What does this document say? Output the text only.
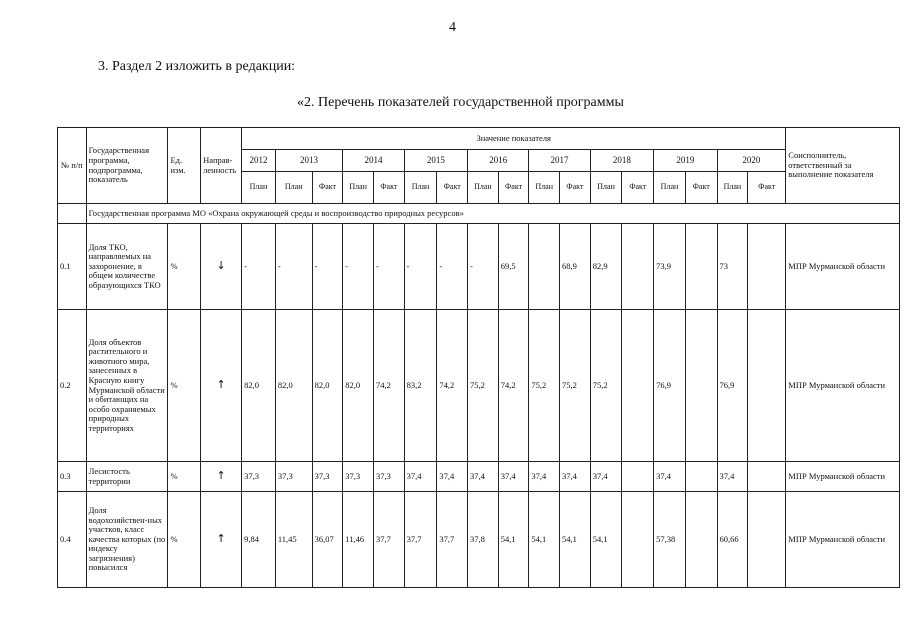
4
3. Раздел 2 изложить в редакции:
«2. Перечень показателей государственной программы
№ п/п	Государственная программа, подпрограмма, показатель	Ед. изм.	Направ-ленность	Значение показателя																	Соисполнитель, ответственный за выполнение показателя
				2012	2013		2014		2015		2016		2017		2018		2019		2020		
				План	План	Факт	План	Факт	План	Факт	План	Факт	План	Факт	План	Факт	План	Факт	План	Факт	
	Государственная программа МО «Охрана окружающей среды и воспроизводство природных ресурсов»																				
0.1	Доля ТКО, направляемых на захоронение, в общем количестве образующихся ТКО	%	↓	-	-	-	-	-	-	-	-	69,5		68,9	82,9		73,9		73		МПР Мурманской области
0.2	Доля объектов растительного и животного мира, занесенных в Красную книгу Мурманской области и обитающих на особо охраняемых природных территориях	%	↑	82,0	82,0	82,0	82,0	74,2	83,2	74,2	75,2	74,2	75,2	75,2	75,2		76,9		76,9		МПР Мурманской области
0.3	Лесистость территории	%	↑	37,3	37,3	37,3	37,3	37,3	37,4	37,4	37,4	37,4	37,4	37,4	37,4		37,4		37,4		МПР Мурманской области
0.4	Доля водохозяйствен-ных участков, класс качества которых (по индексу загрязнения) повысился	%	↑	9,84	11,45	36,07	11,46	37,7	37,7	37,7	37,8	54,1	54,1	54,1	54,1		57,38		60,66		МПР Мурманской области
